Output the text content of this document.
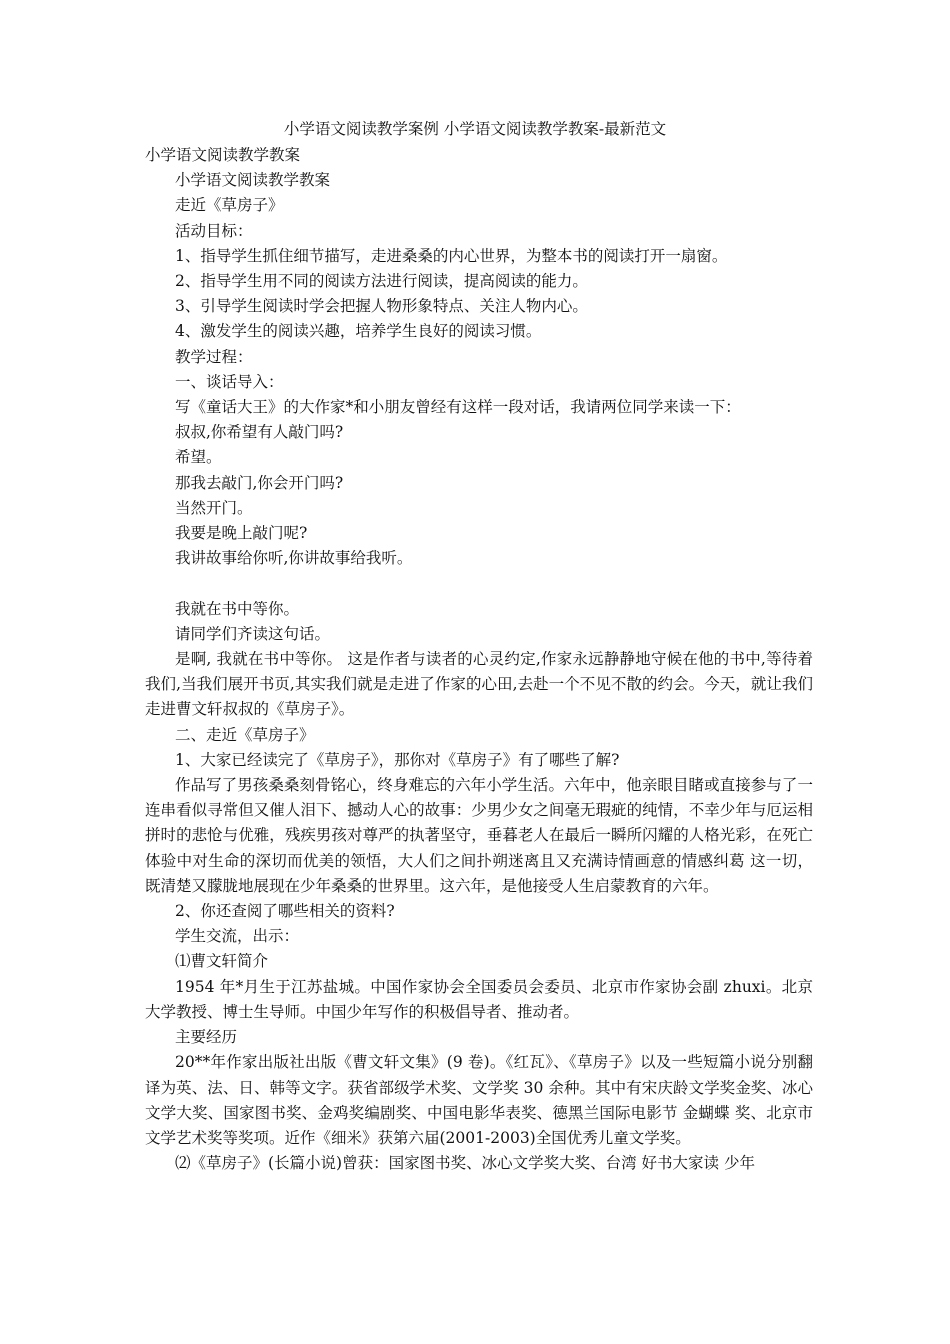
小学语文阅读教学案例 小学语文阅读教学教案-最新范文

小学语文阅读教学教案

小学语文阅读教学教案

走近《草房子》

活动目标：

1、指导学生抓住细节描写，走进桑桑的内心世界，为整本书的阅读打开一扇窗。

2、指导学生用不同的阅读方法进行阅读，提高阅读的能力。

3、引导学生阅读时学会把握人物形象特点、关注人物内心。

4、激发学生的阅读兴趣，培养学生良好的阅读习惯。

教学过程：

一、谈话导入：

写《童话大王》的大作家*和小朋友曾经有这样一段对话，我请两位同学来读一下：

叔叔,你希望有人敲门吗?

希望。

那我去敲门,你会开门吗?

当然开门。

我要是晚上敲门呢?

我讲故事给你听,你讲故事给我听。

我就在书中等你。

请同学们齐读这句话。

是啊, 我就在书中等你。 这是作者与读者的心灵约定,作家永远静静地守候在他的书中,等待着我们,当我们展开书页,其实我们就是走进了作家的心田,去赴一个不见不散的约会。今天，就让我们走进曹文轩叔叔的《草房子》。

二、走近《草房子》

1、大家已经读完了《草房子》，那你对《草房子》有了哪些了解?

作品写了男孩桑桑刻骨铭心，终身难忘的六年小学生活。六年中，他亲眼目睹或直接参与了一连串看似寻常但又催人泪下、撼动人心的故事：少男少女之间毫无瑕疵的纯情，不幸少年与厄运相拼时的悲怆与优雅，残疾男孩对尊严的执著坚守，垂暮老人在最后一瞬所闪耀的人格光彩，在死亡体验中对生命的深切而优美的领悟，大人们之间扑朔迷离且又充满诗情画意的情感纠葛 这一切，既清楚又朦胧地展现在少年桑桑的世界里。这六年，是他接受人生启蒙教育的六年。

2、你还查阅了哪些相关的资料?

学生交流，出示：

⑴曹文轩简介

1954 年*月生于江苏盐城。中国作家协会全国委员会委员、北京市作家协会副 zhuxi。北京大学教授、博士生导师。中国少年写作的积极倡导者、推动者。

主要经历

20**年作家出版社出版《曹文轩文集》(9 卷)。《红瓦》、《草房子》以及一些短篇小说分别翻译为英、法、日、韩等文字。获省部级学术奖、文学奖 30 余种。其中有宋庆龄文学奖金奖、冰心文学大奖、国家图书奖、金鸡奖编剧奖、中国电影华表奖、德黑兰国际电影节 金蝴蝶 奖、北京市文学艺术奖等奖项。近作《细米》获第六届(2001-2003)全国优秀儿童文学奖。

⑵《草房子》(长篇小说)曾获：国家图书奖、冰心文学奖大奖、台湾 好书大家读 少年
